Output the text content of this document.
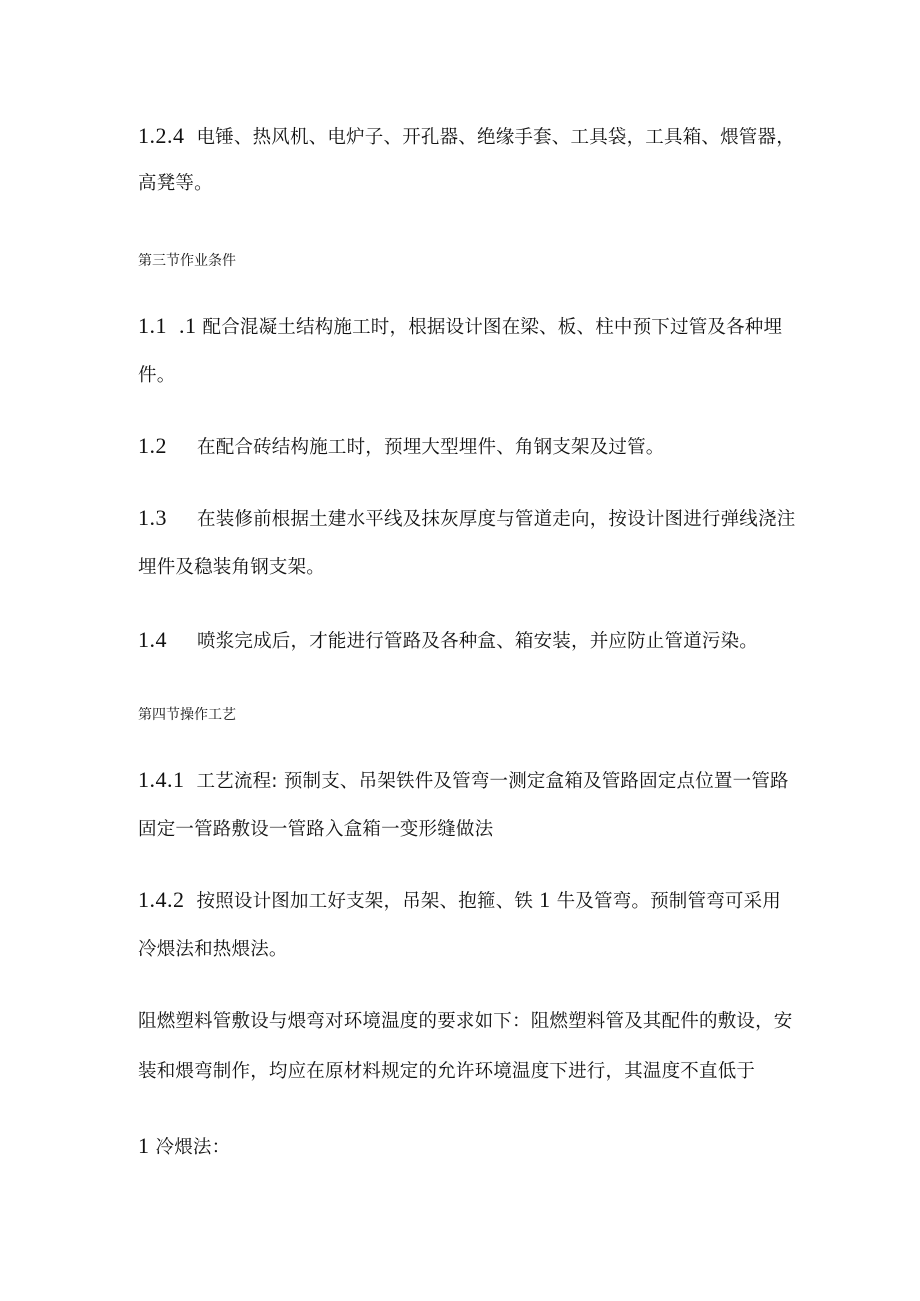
1.2.4 电锤、热风机、电炉子、开孔器、绝缘手套、工具袋，工具箱、煨管器，
高凳等。
第三节作业条件
1.1 .1 配合混凝土结构施工时，根据设计图在梁、板、柱中预下过管及各种埋
件。
1.2 在配合砖结构施工时，预埋大型埋件、角钢支架及过管。
1.3 在装修前根据土建水平线及抹灰厚度与管道走向，按设计图进行弹线浇注
埋件及稳装角钢支架。
1.4 喷浆完成后，才能进行管路及各种盒、箱安装，并应防止管道污染。
第四节操作工艺
1.4.1 工艺流程: 预制支、吊架铁件及管弯一测定盒箱及管路固定点位置一管路
固定一管路敷设一管路入盒箱一变形缝做法
1.4.2 按照设计图加工好支架，吊架、抱箍、铁 1 牛及管弯。预制管弯可采用
冷煨法和热煨法。
阻燃塑料管敷设与煨弯对环境温度的要求如下：阻燃塑料管及其配件的敷设，安
装和煨弯制作，均应在原材料规定的允许环境温度下进行，其温度不直低于
1 冷煨法：
